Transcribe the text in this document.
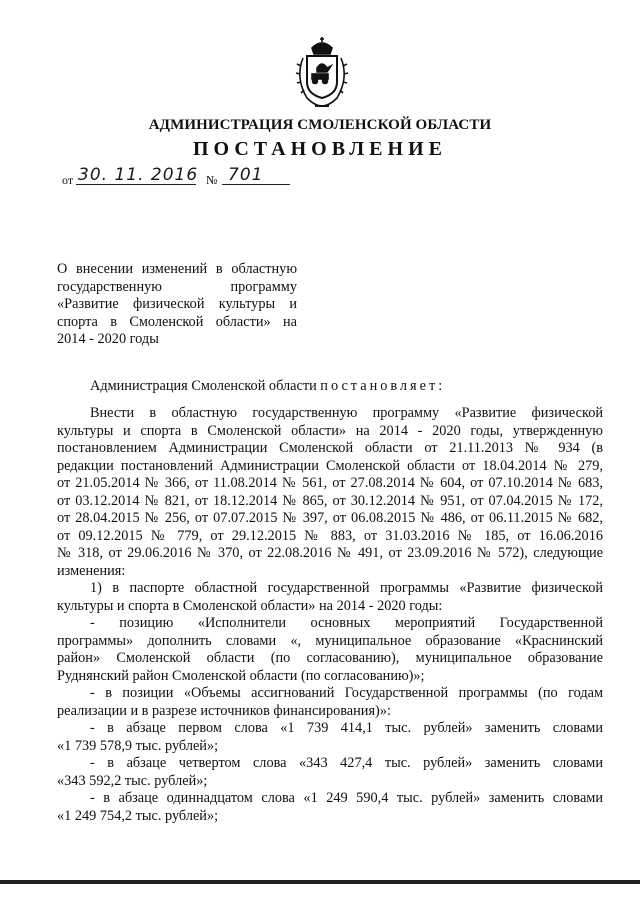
АДМИНИСТРАЦИЯ СМОЛЕНСКОЙ ОБЛАСТИ
ПОСТАНОВЛЕНИЕ
от 30. 11. 2016 № 701
О внесении изменений в областную
государственную программу
«Развитие физической культуры и
спорта в Смоленской области» на
2014 - 2020 годы
Администрация Смоленской области постановляет:
Внести в областную государственную программу «Развитие физической
культуры и спорта в Смоленской области» на 2014 - 2020 годы, утвержденную
постановлением Администрации Смоленской области от 21.11.2013 № 934 (в
редакции постановлений Администрации Смоленской области от 18.04.2014 № 279,
от 21.05.2014 № 366, от 11.08.2014 № 561, от 27.08.2014 № 604, от 07.10.2014 № 683,
от 03.12.2014 № 821, от 18.12.2014 № 865, от 30.12.2014 № 951, от 07.04.2015 № 172,
от 28.04.2015 № 256, от 07.07.2015 № 397, от 06.08.2015 № 486, от 06.11.2015 № 682,
от 09.12.2015 № 779, от 29.12.2015 № 883, от 31.03.2016 № 185, от 16.06.2016
№ 318, от 29.06.2016 № 370, от 22.08.2016 № 491, от 23.09.2016 № 572), следующие
изменения:
1) в паспорте областной государственной программы «Развитие физической
культуры и спорта в Смоленской области» на 2014 - 2020 годы:
- позицию «Исполнители основных мероприятий Государственной
программы» дополнить словами «, муниципальное образование «Краснинский
район» Смоленской области (по согласованию), муниципальное образование
Руднянский район Смоленской области (по согласованию)»;
- в позиции «Объемы ассигнований Государственной программы (по годам
реализации и в разрезе источников финансирования)»:
- в абзаце первом слова «1 739 414,1 тыс. рублей» заменить словами
«1 739 578,9 тыс. рублей»;
- в абзаце четвертом слова «343 427,4 тыс. рублей» заменить словами
«343 592,2 тыс. рублей»;
- в абзаце одиннадцатом слова «1 249 590,4 тыс. рублей» заменить словами
«1 249 754,2 тыс. рублей»;
